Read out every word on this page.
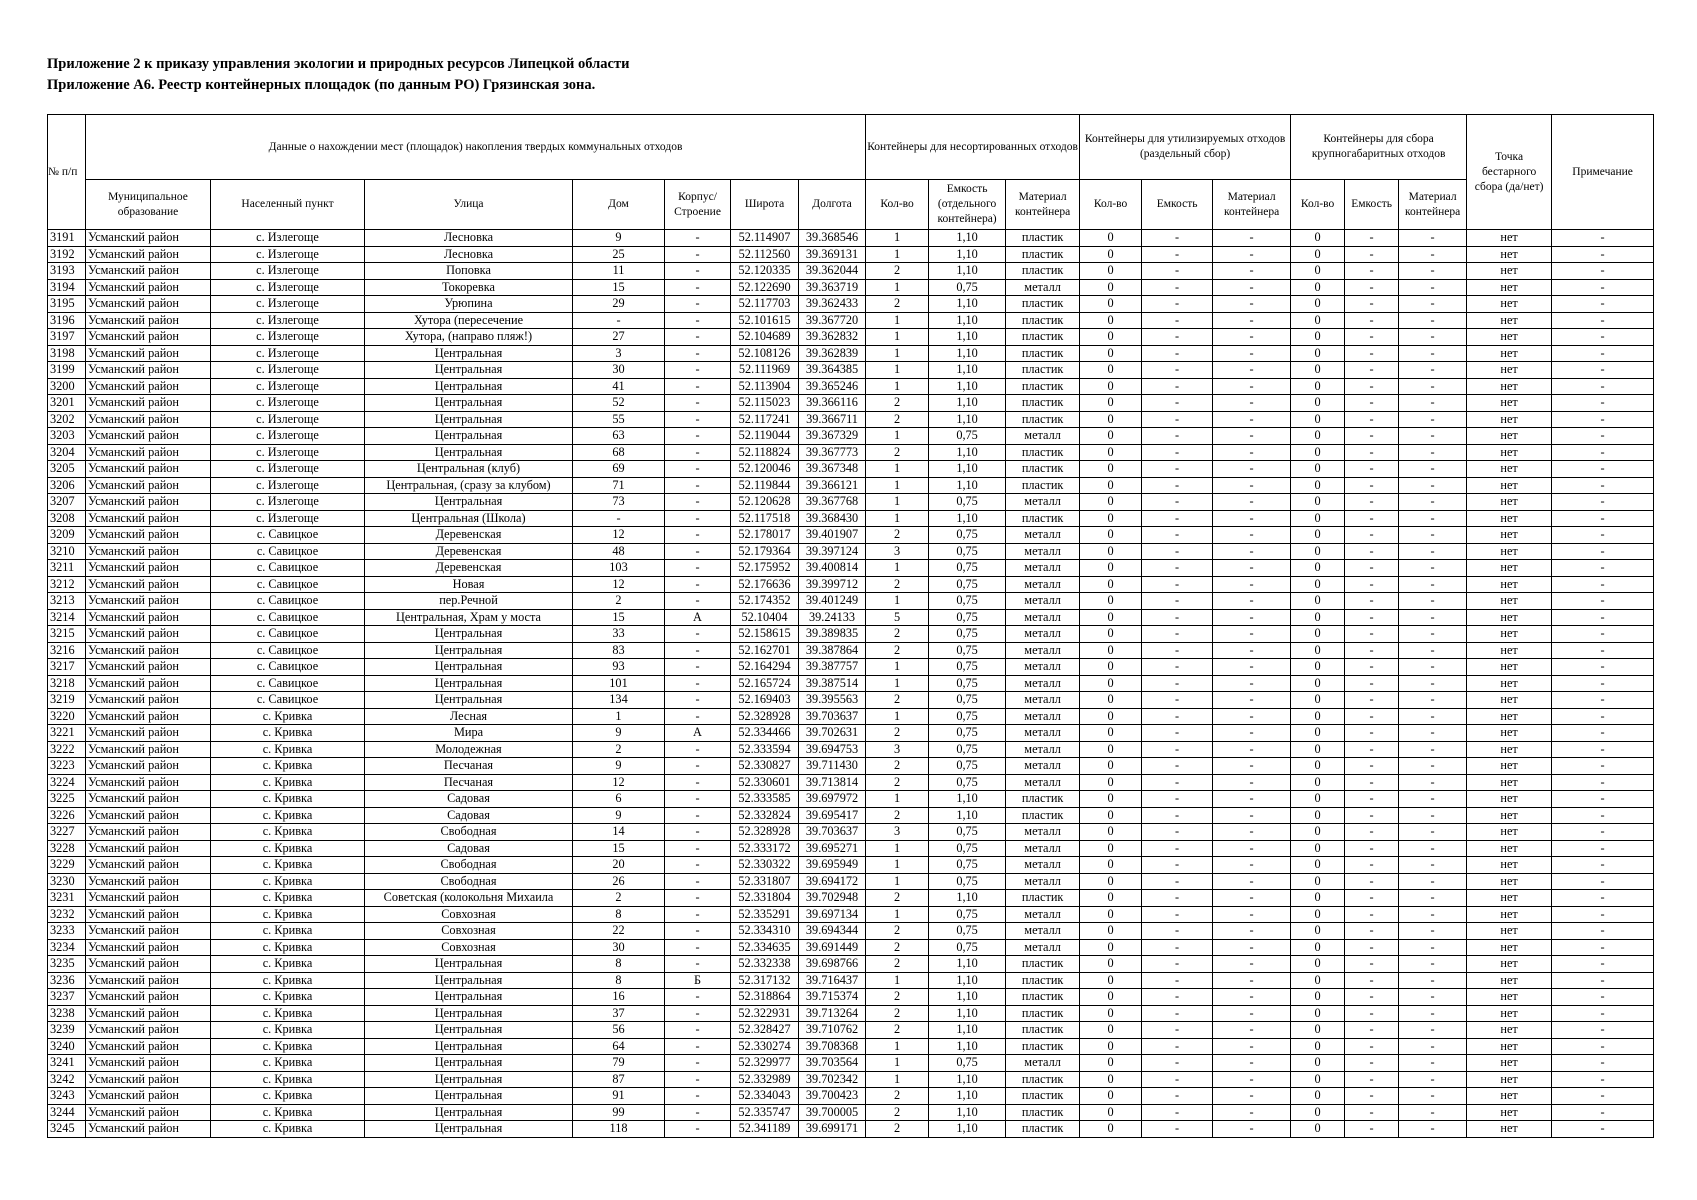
Приложение 2 к приказу управления экологии и природных ресурсов Липецкой области
Приложение А6. Реестр контейнерных площадок (по данным РО) Грязинская зона.
№ п/п	Данные о нахождении мест (площадок) накопления твердых коммунальных отходов							Контейнеры для несортированных отходов			Контейнеры для утилизируемых отходов (раздельный сбор)			Контейнеры для сбора крупногабаритных отходов			Точка бестарного сбора (да/нет)	Примечание
	Муниципальное образование	Населенный пункт	Улица	Дом	Корпус/ Строение	Широта	Долгота	Кол-во	Емкость (отдельного контейнера)	Материал контейнера	Кол-во	Емкость	Материал контейнера	Кол-во	Емкость	Материал контейнера		
3191	Усманский район	с. Излегоще	Лесновка	9	-	52.114907	39.368546	1	1,10	пластик	0	-	-	0	-	-	нет	-
3192	Усманский район	с. Излегоще	Лесновка	25	-	52.112560	39.369131	1	1,10	пластик	0	-	-	0	-	-	нет	-
3193	Усманский район	с. Излегоще	Поповка	11	-	52.120335	39.362044	2	1,10	пластик	0	-	-	0	-	-	нет	-
3194	Усманский район	с. Излегоще	Токоревка	15	-	52.122690	39.363719	1	0,75	металл	0	-	-	0	-	-	нет	-
3195	Усманский район	с. Излегоще	Урюпина	29	-	52.117703	39.362433	2	1,10	пластик	0	-	-	0	-	-	нет	-
3196	Усманский район	с. Излегоще	Хутора (пересечение	-	-	52.101615	39.367720	1	1,10	пластик	0	-	-	0	-	-	нет	-
3197	Усманский район	с. Излегоще	Хутора, (направо пляж!)	27	-	52.104689	39.362832	1	1,10	пластик	0	-	-	0	-	-	нет	-
3198	Усманский район	с. Излегоще	Центральная	3	-	52.108126	39.362839	1	1,10	пластик	0	-	-	0	-	-	нет	-
3199	Усманский район	с. Излегоще	Центральная	30	-	52.111969	39.364385	1	1,10	пластик	0	-	-	0	-	-	нет	-
3200	Усманский район	с. Излегоще	Центральная	41	-	52.113904	39.365246	1	1,10	пластик	0	-	-	0	-	-	нет	-
3201	Усманский район	с. Излегоще	Центральная	52	-	52.115023	39.366116	2	1,10	пластик	0	-	-	0	-	-	нет	-
3202	Усманский район	с. Излегоще	Центральная	55	-	52.117241	39.366711	2	1,10	пластик	0	-	-	0	-	-	нет	-
3203	Усманский район	с. Излегоще	Центральная	63	-	52.119044	39.367329	1	0,75	металл	0	-	-	0	-	-	нет	-
3204	Усманский район	с. Излегоще	Центральная	68	-	52.118824	39.367773	2	1,10	пластик	0	-	-	0	-	-	нет	-
3205	Усманский район	с. Излегоще	Центральная (клуб)	69	-	52.120046	39.367348	1	1,10	пластик	0	-	-	0	-	-	нет	-
3206	Усманский район	с. Излегоще	Центральная, (сразу за клубом)	71	-	52.119844	39.366121	1	1,10	пластик	0	-	-	0	-	-	нет	-
3207	Усманский район	с. Излегоще	Центральная	73	-	52.120628	39.367768	1	0,75	металл	0	-	-	0	-	-	нет	-
3208	Усманский район	с. Излегоще	Центральная (Школа)	-	-	52.117518	39.368430	1	1,10	пластик	0	-	-	0	-	-	нет	-
3209	Усманский район	с. Савицкое	Деревенская	12	-	52.178017	39.401907	2	0,75	металл	0	-	-	0	-	-	нет	-
3210	Усманский район	с. Савицкое	Деревенская	48	-	52.179364	39.397124	3	0,75	металл	0	-	-	0	-	-	нет	-
3211	Усманский район	с. Савицкое	Деревенская	103	-	52.175952	39.400814	1	0,75	металл	0	-	-	0	-	-	нет	-
3212	Усманский район	с. Савицкое	Новая	12	-	52.176636	39.399712	2	0,75	металл	0	-	-	0	-	-	нет	-
3213	Усманский район	с. Савицкое	пер.Речной	2	-	52.174352	39.401249	1	0,75	металл	0	-	-	0	-	-	нет	-
3214	Усманский район	с. Савицкое	Центральная, Храм у моста	15	А	52.10404	39.24133	5	0,75	металл	0	-	-	0	-	-	нет	-
3215	Усманский район	с. Савицкое	Центральная	33	-	52.158615	39.389835	2	0,75	металл	0	-	-	0	-	-	нет	-
3216	Усманский район	с. Савицкое	Центральная	83	-	52.162701	39.387864	2	0,75	металл	0	-	-	0	-	-	нет	-
3217	Усманский район	с. Савицкое	Центральная	93	-	52.164294	39.387757	1	0,75	металл	0	-	-	0	-	-	нет	-
3218	Усманский район	с. Савицкое	Центральная	101	-	52.165724	39.387514	1	0,75	металл	0	-	-	0	-	-	нет	-
3219	Усманский район	с. Савицкое	Центральная	134	-	52.169403	39.395563	2	0,75	металл	0	-	-	0	-	-	нет	-
3220	Усманский район	с. Кривка	Лесная	1	-	52.328928	39.703637	1	0,75	металл	0	-	-	0	-	-	нет	-
3221	Усманский район	с. Кривка	Мира	9	А	52.334466	39.702631	2	0,75	металл	0	-	-	0	-	-	нет	-
3222	Усманский район	с. Кривка	Молодежная	2	-	52.333594	39.694753	3	0,75	металл	0	-	-	0	-	-	нет	-
3223	Усманский район	с. Кривка	Песчаная	9	-	52.330827	39.711430	2	0,75	металл	0	-	-	0	-	-	нет	-
3224	Усманский район	с. Кривка	Песчаная	12	-	52.330601	39.713814	2	0,75	металл	0	-	-	0	-	-	нет	-
3225	Усманский район	с. Кривка	Садовая	6	-	52.333585	39.697972	1	1,10	пластик	0	-	-	0	-	-	нет	-
3226	Усманский район	с. Кривка	Садовая	9	-	52.332824	39.695417	2	1,10	пластик	0	-	-	0	-	-	нет	-
3227	Усманский район	с. Кривка	Свободная	14	-	52.328928	39.703637	3	0,75	металл	0	-	-	0	-	-	нет	-
3228	Усманский район	с. Кривка	Садовая	15	-	52.333172	39.695271	1	0,75	металл	0	-	-	0	-	-	нет	-
3229	Усманский район	с. Кривка	Свободная	20	-	52.330322	39.695949	1	0,75	металл	0	-	-	0	-	-	нет	-
3230	Усманский район	с. Кривка	Свободная	26	-	52.331807	39.694172	1	0,75	металл	0	-	-	0	-	-	нет	-
3231	Усманский район	с. Кривка	Советская (колокольня Михаила	2	-	52.331804	39.702948	2	1,10	пластик	0	-	-	0	-	-	нет	-
3232	Усманский район	с. Кривка	Совхозная	8	-	52.335291	39.697134	1	0,75	металл	0	-	-	0	-	-	нет	-
3233	Усманский район	с. Кривка	Совхозная	22	-	52.334310	39.694344	2	0,75	металл	0	-	-	0	-	-	нет	-
3234	Усманский район	с. Кривка	Совхозная	30	-	52.334635	39.691449	2	0,75	металл	0	-	-	0	-	-	нет	-
3235	Усманский район	с. Кривка	Центральная	8	-	52.332338	39.698766	2	1,10	пластик	0	-	-	0	-	-	нет	-
3236	Усманский район	с. Кривка	Центральная	8	Б	52.317132	39.716437	1	1,10	пластик	0	-	-	0	-	-	нет	-
3237	Усманский район	с. Кривка	Центральная	16	-	52.318864	39.715374	2	1,10	пластик	0	-	-	0	-	-	нет	-
3238	Усманский район	с. Кривка	Центральная	37	-	52.322931	39.713264	2	1,10	пластик	0	-	-	0	-	-	нет	-
3239	Усманский район	с. Кривка	Центральная	56	-	52.328427	39.710762	2	1,10	пластик	0	-	-	0	-	-	нет	-
3240	Усманский район	с. Кривка	Центральная	64	-	52.330274	39.708368	1	1,10	пластик	0	-	-	0	-	-	нет	-
3241	Усманский район	с. Кривка	Центральная	79	-	52.329977	39.703564	1	0,75	металл	0	-	-	0	-	-	нет	-
3242	Усманский район	с. Кривка	Центральная	87	-	52.332989	39.702342	1	1,10	пластик	0	-	-	0	-	-	нет	-
3243	Усманский район	с. Кривка	Центральная	91	-	52.334043	39.700423	2	1,10	пластик	0	-	-	0	-	-	нет	-
3244	Усманский район	с. Кривка	Центральная	99	-	52.335747	39.700005	2	1,10	пластик	0	-	-	0	-	-	нет	-
3245	Усманский район	с. Кривка	Центральная	118	-	52.341189	39.699171	2	1,10	пластик	0	-	-	0	-	-	нет	-
